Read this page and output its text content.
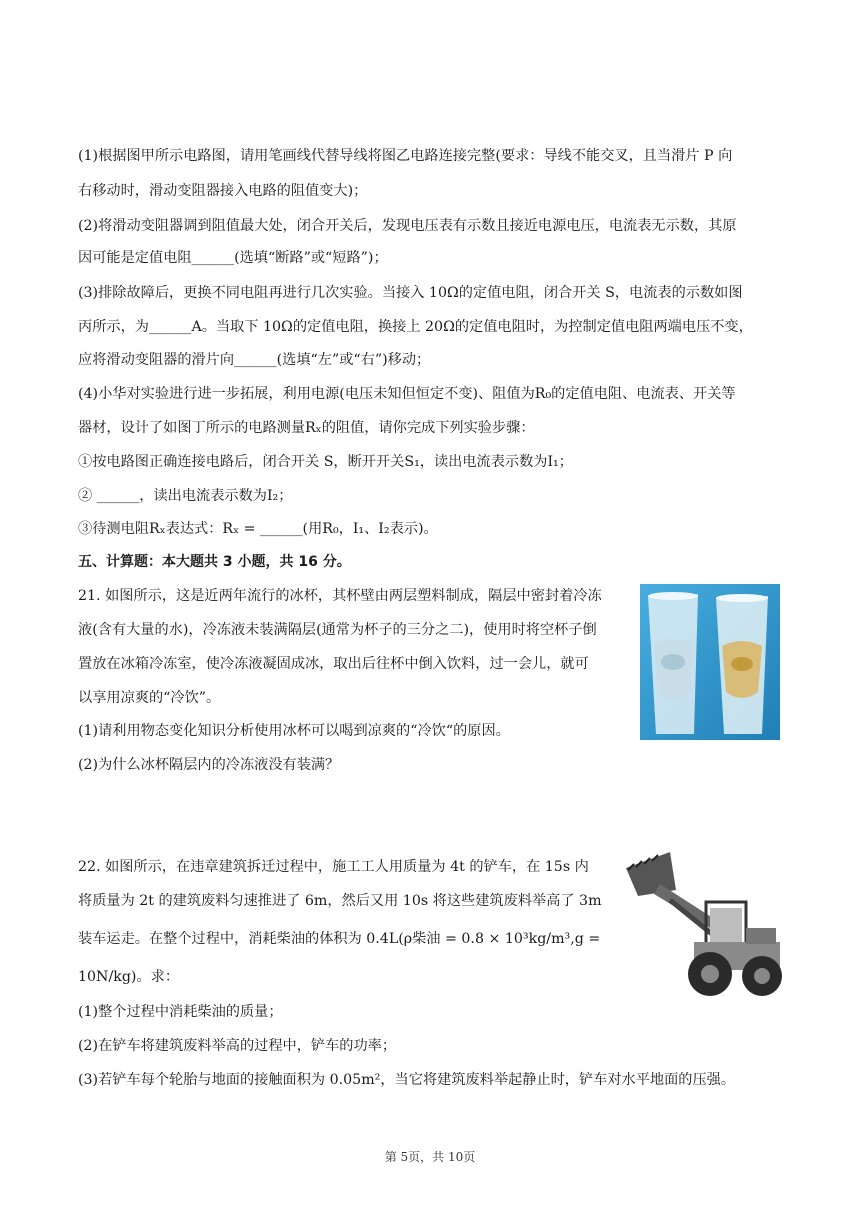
(1)根据图甲所示电路图，请用笔画线代替导线将图乙电路连接完整(要求：导线不能交叉，且当滑片 P 向
右移动时，滑动变阻器接入电路的阻值变大)；
(2)将滑动变阻器调到阻值最大处，闭合开关后，发现电压表有示数且接近电源电压，电流表无示数，其原
因可能是定值电阻______(选填“断路”或“短路”)；
(3)排除故障后，更换不同电阻再进行几次实验。当接入 10Ω的定值电阻，闭合开关 S，电流表的示数如图
丙所示，为______A。当取下 10Ω的定值电阻，换接上 20Ω的定值电阻时，为控制定值电阻两端电压不变，
应将滑动变阻器的滑片向______(选填“左”或“右”)移动；
(4)小华对实验进行进一步拓展，利用电源(电压未知但恒定不变)、阻值为R₀的定值电阻、电流表、开关等
器材，设计了如图丁所示的电路测量Rₓ的阻值，请你完成下列实验步骤：
①按电路图正确连接电路后，闭合开关 S，断开开关S₁，读出电流表示数为I₁；
② ______，读出电流表示数为I₂；
③待测电阻Rₓ表达式：Rₓ = ______(用R₀，I₁、I₂表示)。
五、计算题：本大题共 3 小题，共 16 分。
21. 如图所示，这是近两年流行的冰杯，其杯壁由两层塑料制成，隔层中密封着冷冻
液(含有大量的水)，冷冻液未装满隔层(通常为杯子的三分之二)，使用时将空杯子倒
置放在冰箱冷冻室，使冷冻液凝固成冰，取出后往杯中倒入饮料，过一会儿，就可
以享用凉爽的“冷饮”。
(1)请利用物态变化知识分析使用冰杯可以喝到凉爽的“冷饮“的原因。
(2)为什么冰杯隔层内的冷冻液没有装满？
22. 如图所示，在违章建筑拆迁过程中，施工工人用质量为 4t 的铲车，在 15s 内
将质量为 2t 的建筑废料匀速推进了 6m，然后又用 10s 将这些建筑废料举高了 3m
装车运走。在整个过程中，消耗柴油的体积为 0.4L(ρ柴油 = 0.8 × 10³kg/m³,g =
10N/kg)。求：
(1)整个过程中消耗柴油的质量；
(2)在铲车将建筑废料举高的过程中，铲车的功率；
(3)若铲车每个轮胎与地面的接触面积为 0.05m²，当它将建筑废料举起静止时，铲车对水平地面的压强。
第 5页，共 10页
